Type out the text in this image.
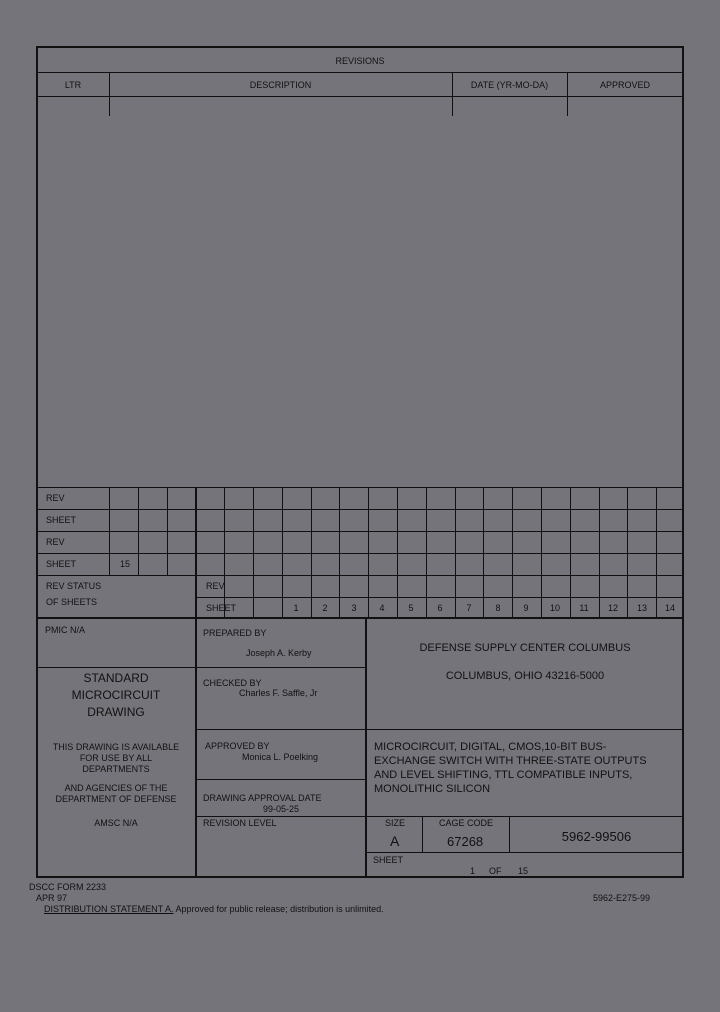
REVISIONS
LTR	DESCRIPTION	DATE (YR-MO-DA)	APPROVED
REV
SHEET
REV
SHEET	15
REV STATUS
OF SHEETS
REV
SHEET	1	2	3	4	5	6	7	8	9	10	11	12	13	14
PMIC N/A
STANDARD
MICROCIRCUIT
DRAWING
THIS DRAWING IS AVAILABLE
FOR USE BY ALL
DEPARTMENTS
AND AGENCIES OF THE
DEPARTMENT OF DEFENSE
AMSC N/A
PREPARED BY
Joseph A. Kerby
CHECKED BY
Charles F. Saffle, Jr
APPROVED BY
Monica L. Poelking
DRAWING APPROVAL DATE
99-05-25
REVISION LEVEL
DEFENSE SUPPLY CENTER COLUMBUS
COLUMBUS, OHIO 43216-5000
MICROCIRCUIT, DIGITAL, CMOS,10-BIT BUS-
EXCHANGE SWITCH WITH THREE-STATE OUTPUTS
AND LEVEL SHIFTING, TTL COMPATIBLE INPUTS,
MONOLITHIC SILICON
SIZE
A
CAGE CODE
67268	5962-99506
SHEET
1 OF 15
DSCC FORM 2233
APR 97
DISTRIBUTION STATEMENT A. Approved for public release; distribution is unlimited.
5962-E275-99
